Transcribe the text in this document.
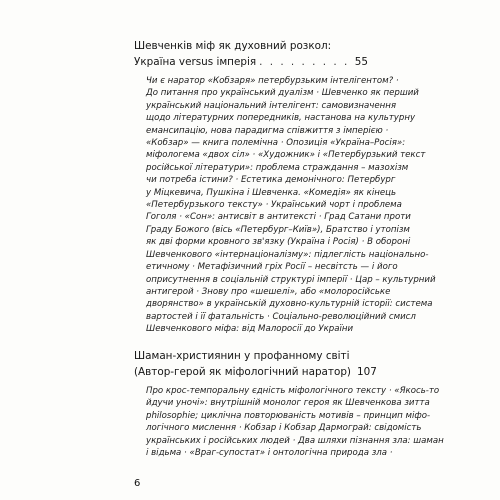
Шевченків міф як духовний розкол:
Україна versus імперія
. . .	55
Чи є наратор «Кобзаря» петербурзьким інтелігентом? ·
До питання про український дуалізм · Шевченко як перший
український національний інтелігент: самовизначення
щодо літературних попередників, настанова на культурну
емансипацію, нова парадигма співжиття з імперією ·
«Кобзар» — книга полемічна · Опозиція «Україна–Росія»:
міфологема «двох сіл» · «Художник» і «Петербурзький текст
російської літератури»: проблема страждання – мазохізм
чи потреба істини? · Естетика демонічного: Петербург
у Міцкевича, Пушкіна і Шевченка. «Комедія» як кінець
«Петербурзького тексту» · Український чорт і проблема
Гоголя · «Сон»: антисвіт в антитексті · Град Сатани проти
Граду Божого (вісь «Петербург–Київ»), Братство і утопізм
як дві форми кровного зв'язку (Україна і Росія) · В обороні
Шевченкового «інтернаціоналізму»: підлеглість національно-
етичному · Метафізичний гріх Росії – несвітсть — і його
оприсутнення в соціальній структурі імперії · Цар – культурний
антигерой · Знову про «шешелі», або «молоросійське
дворянство» в українській духовно-культурній історії: система
вартостей і її фатальність · Соціально-революційний смисл
Шевченкового міфа: від Малоросії до України
Шаман-християнин у профанному світі
(Автор-герой як міфологічний наратор) 107
Про крос-темпоральну єдність міфологічного тексту · «Якось-то
йдучи уночі»: внутрішній монолог героя як Шевченкова зитта
philosophie; циклічна повторюваність мотивів – принцип міфо-
логічного мислення · Кобзар і Кобзар Дармограй: свідомість
українських і російських людей · Два шляхи пізнання зла: шаман
і відьма · «Враг-супостат» і онтологічна природа зла ·
6
